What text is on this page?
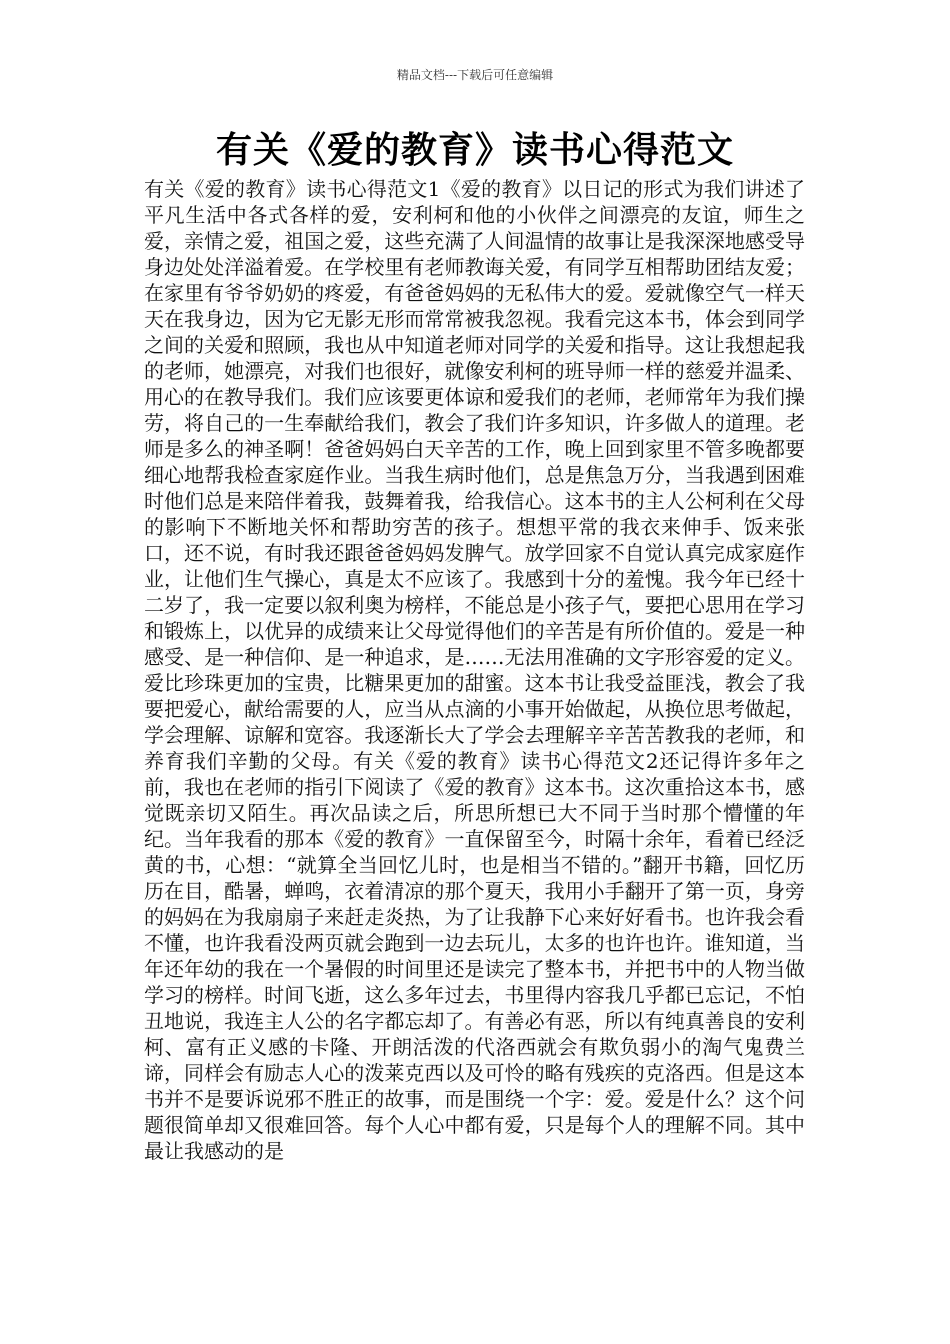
精品文档---下载后可任意编辑
有关《爱的教育》读书心得范文

有关《爱的教育》读书心得范文1《爱的教育》以日记的形式为我们讲述了平凡生活中各式各样的爱，安利柯和他的小伙伴之间漂亮的友谊，师生之爱，亲情之爱，祖国之爱，这些充满了人间温情的故事让是我深深地感受导身边处处洋溢着爱。在学校里有老师教诲关爱，有同学互相帮助团结友爱；在家里有爷爷奶奶的疼爱，有爸爸妈妈的无私伟大的爱。爱就像空气一样天天在我身边，因为它无影无形而常常被我忽视。我看完这本书，体会到同学之间的关爱和照顾，我也从中知道老师对同学的关爱和指导。这让我想起我的老师，她漂亮，对我们也很好，就像安利柯的班导师一样的慈爱并温柔、用心的在教导我们。我们应该要更体谅和爱我们的老师，老师常年为我们操劳，将自己的一生奉献给我们，教会了我们许多知识，许多做人的道理。老师是多么的神圣啊！爸爸妈妈白天辛苦的工作，晚上回到家里不管多晚都要细心地帮我检查家庭作业。当我生病时他们，总是焦急万分，当我遇到困难时他们总是来陪伴着我，鼓舞着我，给我信心。这本书的主人公柯利在父母的影响下不断地关怀和帮助穷苦的孩子。想想平常的我衣来伸手、饭来张口，还不说，有时我还跟爸爸妈妈发脾气。放学回家不自觉认真完成家庭作业，让他们生气操心，真是太不应该了。我感到十分的羞愧。我今年已经十二岁了，我一定要以叙利奥为榜样，不能总是小孩子气，要把心思用在学习和锻炼上，以优异的成绩来让父母觉得他们的辛苦是有所价值的。爱是一种感受、是一种信仰、是一种追求，是……无法用准确的文字形容爱的定义。爱比珍珠更加的宝贵，比糖果更加的甜蜜。这本书让我受益匪浅，教会了我要把爱心，献给需要的人，应当从点滴的小事开始做起，从换位思考做起，学会理解、谅解和宽容。我逐渐长大了学会去理解辛辛苦苦教我的老师，和养育我们辛勤的父母。有关《爱的教育》读书心得范文2还记得许多年之前，我也在老师的指引下阅读了《爱的教育》这本书。这次重拾这本书，感觉既亲切又陌生。再次品读之后，所思所想已大不同于当时那个懵懂的年纪。当年我看的那本《爱的教育》一直保留至今，时隔十余年，看着已经泛黄的书，心想：“就算全当回忆儿时，也是相当不错的。”翻开书籍，回忆历历在目，酷暑，蝉鸣，衣着清凉的那个夏天，我用小手翻开了第一页，身旁的妈妈在为我扇扇子来赶走炎热，为了让我静下心来好好看书。也许我会看不懂，也许我看没两页就会跑到一边去玩儿，太多的也许也许。谁知道，当年还年幼的我在一个暑假的时间里还是读完了整本书，并把书中的人物当做学习的榜样。时间飞逝，这么多年过去，书里得内容我几乎都已忘记，不怕丑地说，我连主人公的名字都忘却了。有善必有恶，所以有纯真善良的安利柯、富有正义感的卡隆、开朗活泼的代洛西就会有欺负弱小的淘气鬼费兰谛，同样会有励志人心的泼莱克西以及可怜的略有残疾的克洛西。但是这本书并不是要诉说邪不胜正的故事，而是围绕一个字：爱。爱是什么？这个问题很简单却又很难回答。每个人心中都有爱，只是每个人的理解不同。其中最让我感动的是
